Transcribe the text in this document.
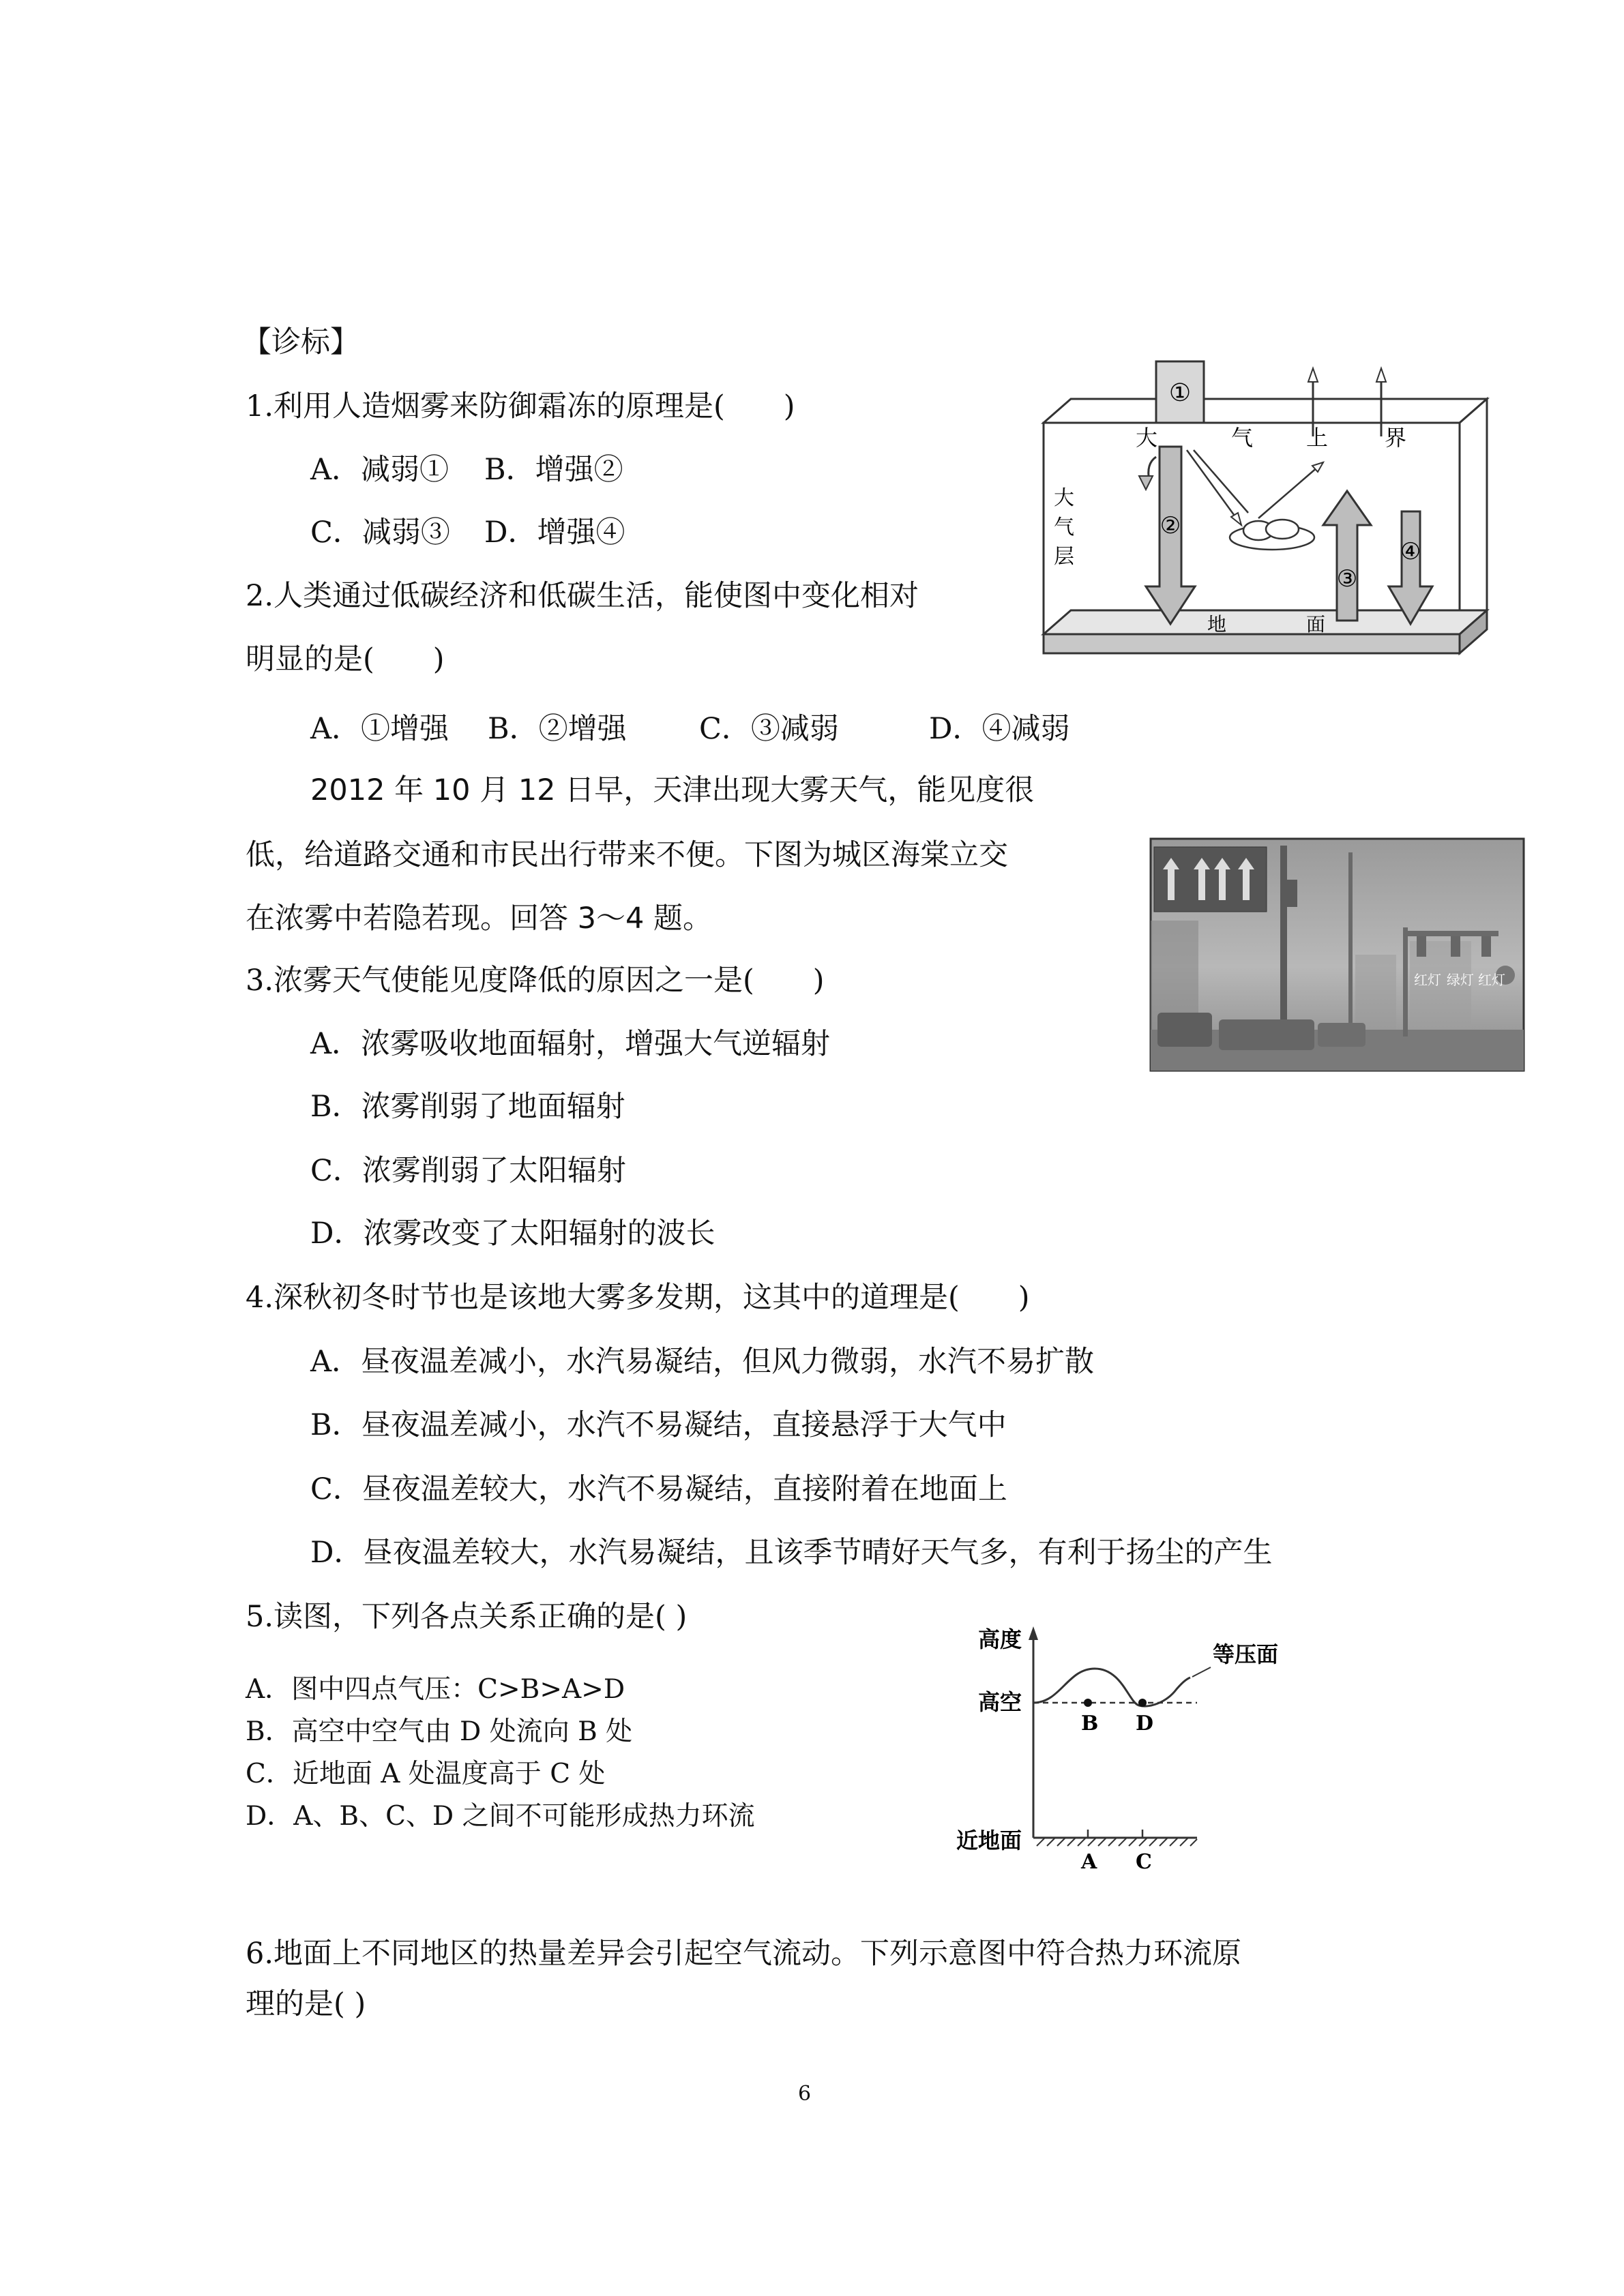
【诊标】
1.利用人造烟雾来防御霜冻的原理是(　　)
A．减弱① B．增强②
C．减弱③ D．增强④
2.人类通过低碳经济和低碳生活，能使图中变化相对
明显的是(　　)
A．①增强 B．②增强 C．③减弱	D．④减弱
2012 年 10 月 12 日早，天津出现大雾天气，能见度很
低，给道路交通和市民出行带来不便。下图为城区海棠立交
在浓雾中若隐若现。回答 3～4 题。
3.浓雾天气使能见度降低的原因之一是(　　)
A．浓雾吸收地面辐射，增强大气逆辐射
B．浓雾削弱了地面辐射
C．浓雾削弱了太阳辐射
D．浓雾改变了太阳辐射的波长
4.深秋初冬时节也是该地大雾多发期，这其中的道理是(　　)
A．昼夜温差减小，水汽易凝结，但风力微弱，水汽不易扩散
B．昼夜温差减小，水汽不易凝结，直接悬浮于大气中
C．昼夜温差较大，水汽不易凝结，直接附着在地面上
D．昼夜温差较大，水汽易凝结，且该季节晴好天气多，有利于扬尘的产生
5.读图，下列各点关系正确的是( )
A．图中四点气压：C>B>A>D
B．高空中空气由 D 处流向 B 处
C．近地面 A 处温度高于 C 处
D．A、B、C、D 之间不可能形成热力环流
6.地面上不同地区的热量差异会引起空气流动。下列示意图中符合热力环流原
理的是( )
①
②
③
④
大	气 上	界
大
气
层
地	面
红灯 绿灯 红灯
高度
高空
近地面
等压面
B D
A C
6
